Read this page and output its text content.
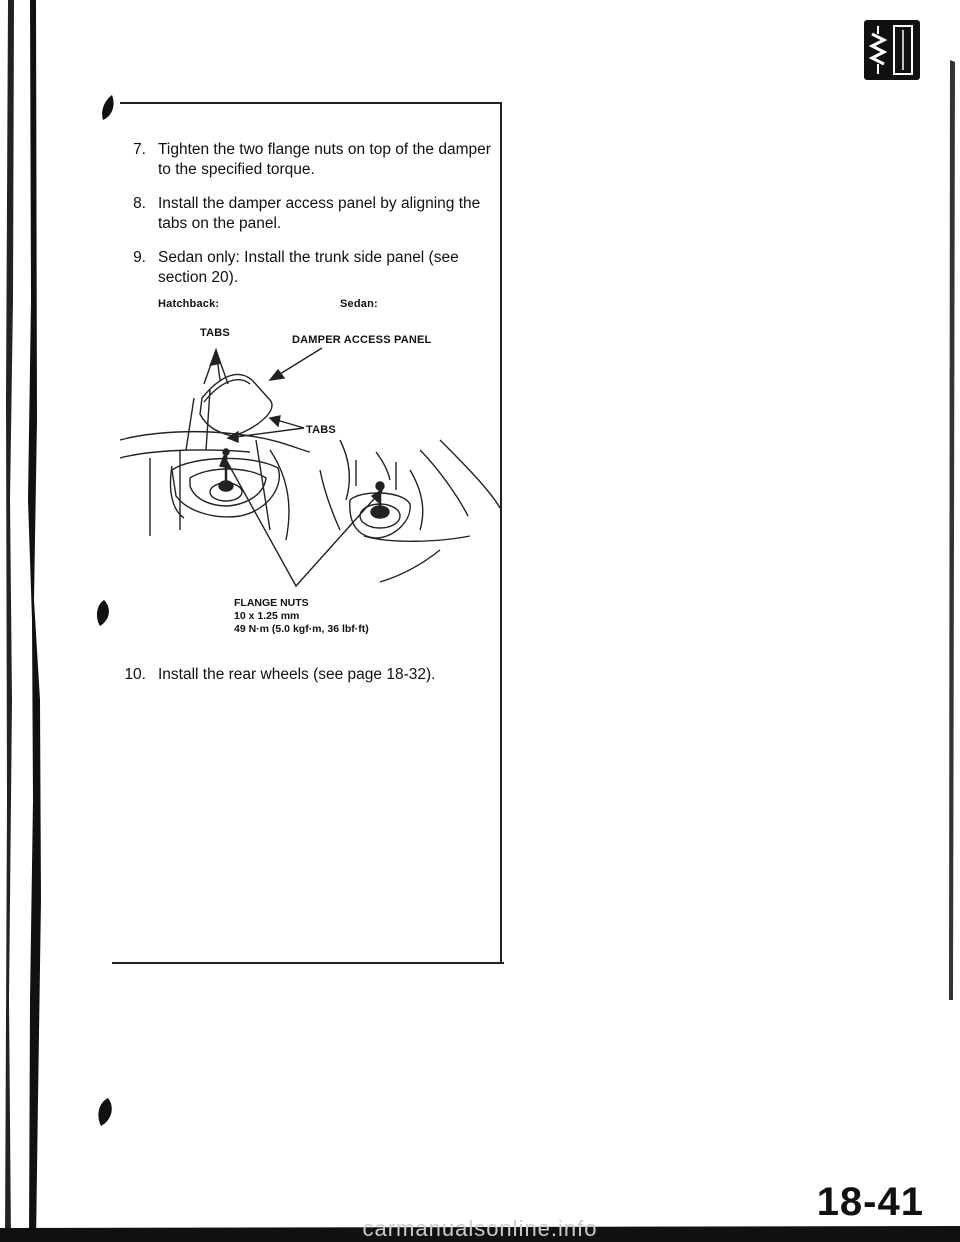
7. Tighten the two flange nuts on top of the damper to the specified torque.
8. Install the damper access panel by aligning the tabs on the panel.
9. Sedan only: Install the trunk side panel (see section 20).
Hatchback:	Sedan:
TABS
DAMPER ACCESS PANEL
TABS
FLANGE NUTS
10 x 1.25 mm
49 N·m (5.0 kgf·m, 36 lbf·ft)
10. Install the rear wheels (see page 18-32).
18-41
carmanualsonline.info
